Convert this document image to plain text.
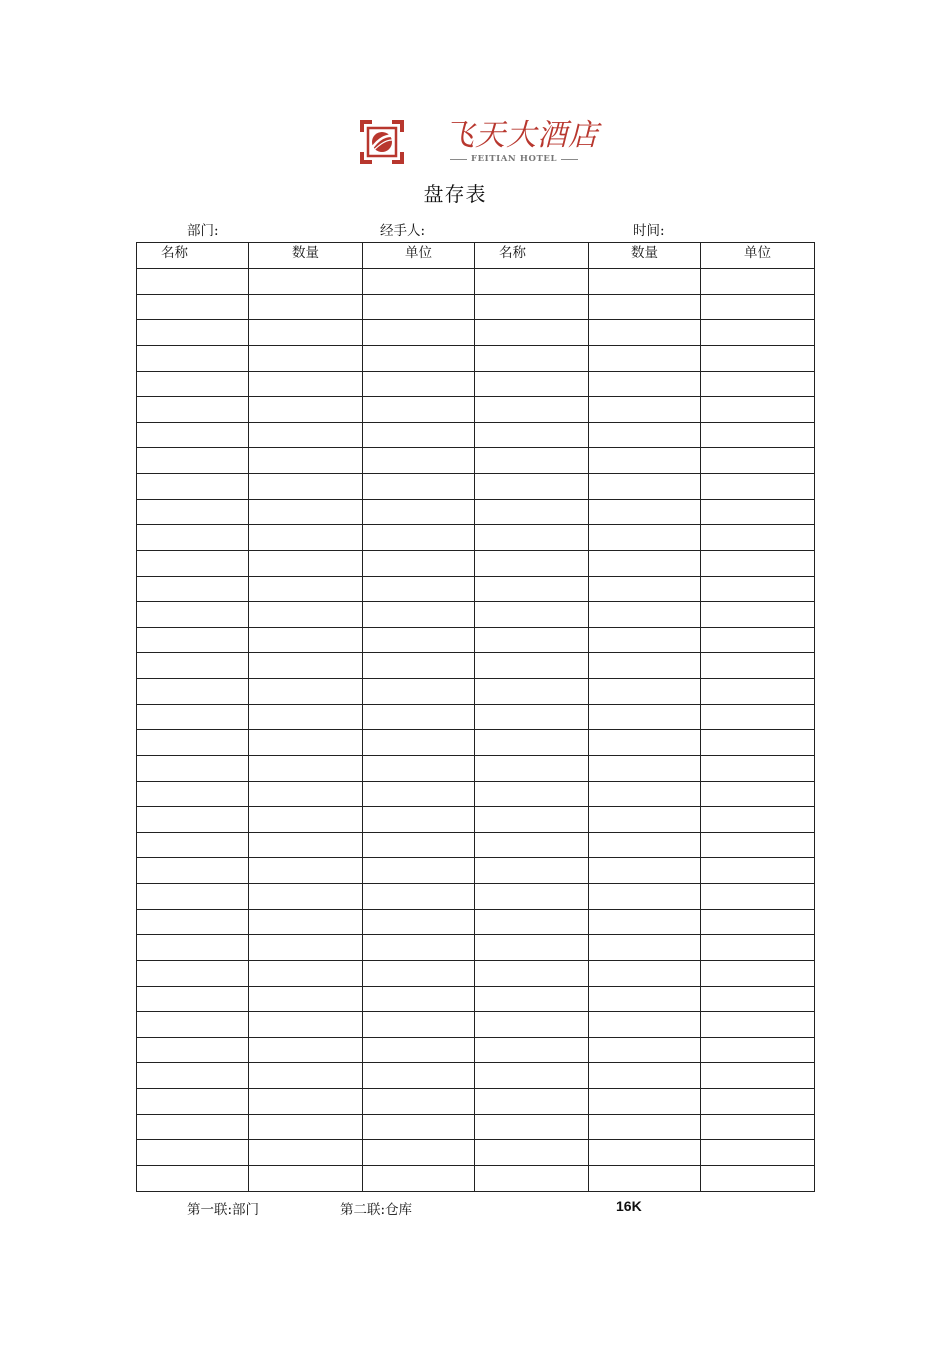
飞天大酒店
FEITIAN HOTEL
盘存表
部门:	经手人:	时间:
名称	数量	单位	名称	数量	单位

第一联:部门	第二联:仓库	16K
